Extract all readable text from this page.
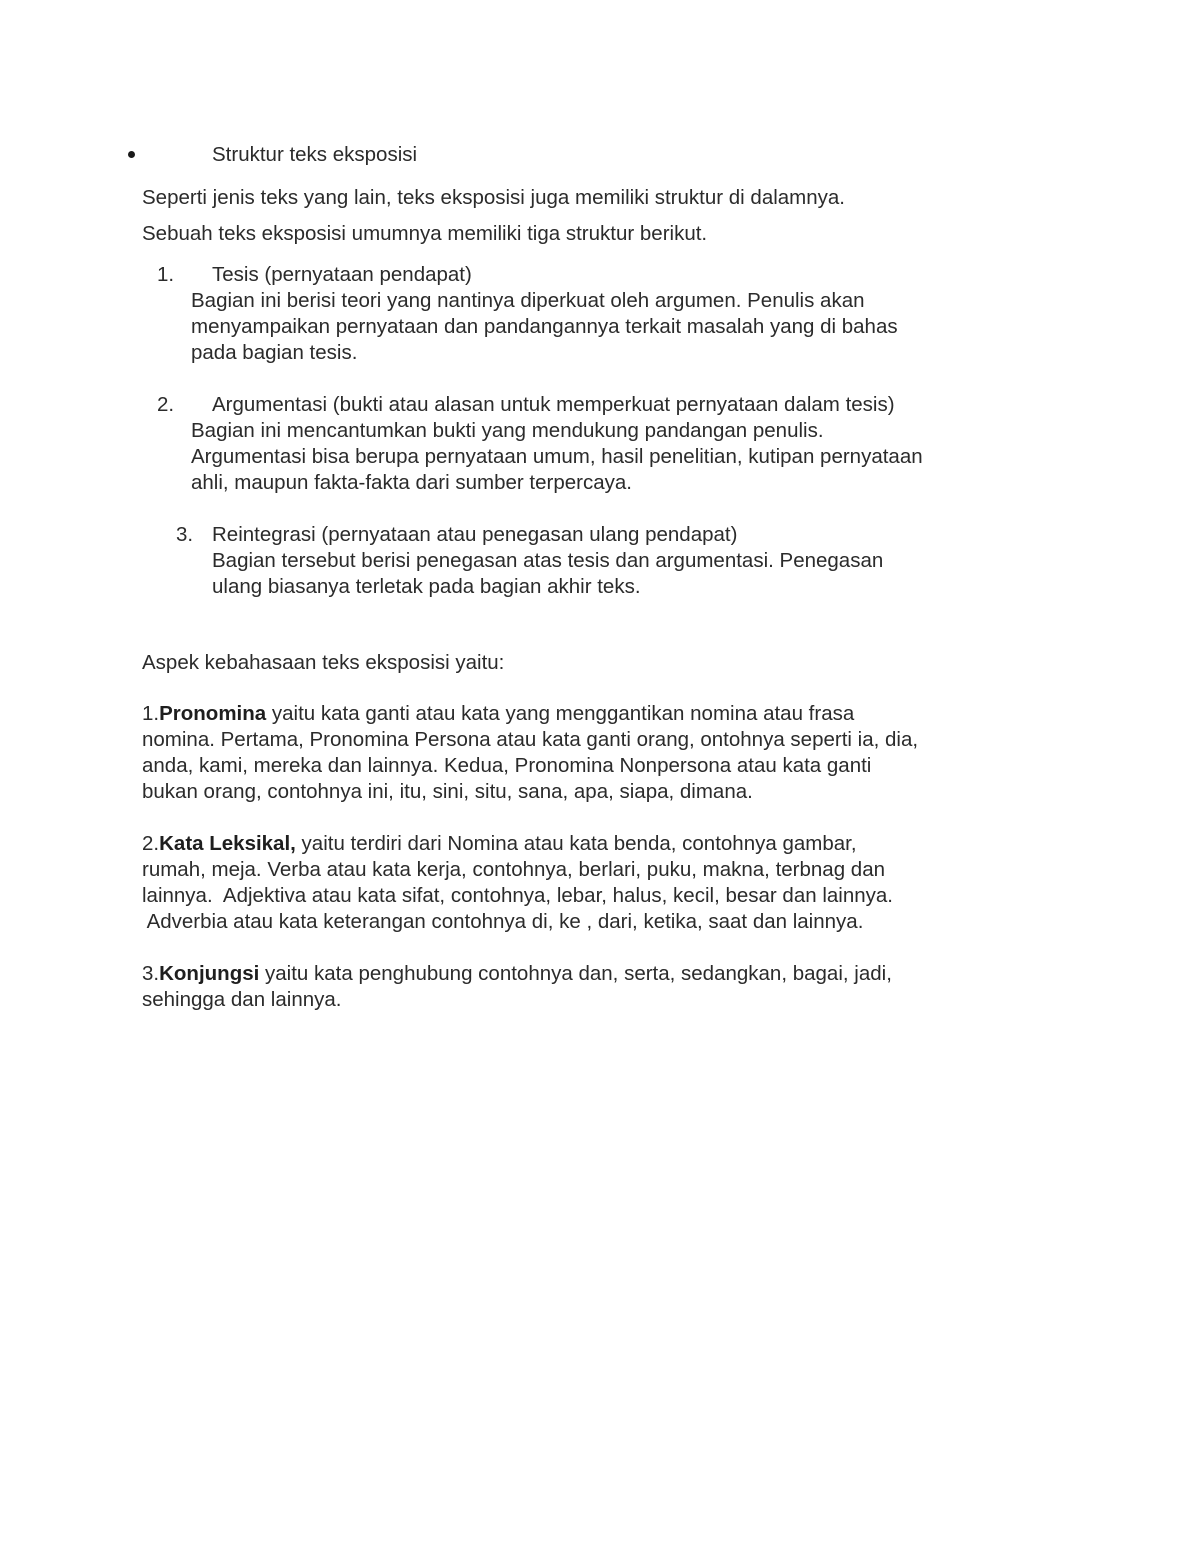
Struktur teks eksposisi
Seperti jenis teks yang lain, teks eksposisi juga memiliki struktur di dalamnya.
Sebuah teks eksposisi umumnya memiliki tiga struktur berikut.
1. Tesis (pernyataan pendapat)
Bagian ini berisi teori yang nantinya diperkuat oleh argumen. Penulis akan
menyampaikan pernyataan dan pandangannya terkait masalah yang di bahas
pada bagian tesis.
2. Argumentasi (bukti atau alasan untuk memperkuat pernyataan dalam tesis)
Bagian ini mencantumkan bukti yang mendukung pandangan penulis.
Argumentasi bisa berupa pernyataan umum, hasil penelitian, kutipan pernyataan
ahli, maupun fakta-fakta dari sumber terpercaya.
3. Reintegrasi (pernyataan atau penegasan ulang pendapat)
Bagian tersebut berisi penegasan atas tesis dan argumentasi. Penegasan
ulang biasanya terletak pada bagian akhir teks.
Aspek kebahasaan teks eksposisi yaitu:
1.Pronomina yaitu kata ganti atau kata yang menggantikan nomina atau frasa
nomina. Pertama, Pronomina Persona atau kata ganti orang, ontohnya seperti ia, dia,
anda, kami, mereka dan lainnya. Kedua, Pronomina Nonpersona atau kata ganti
bukan orang, contohnya ini, itu, sini, situ, sana, apa, siapa, dimana.
2.Kata Leksikal, yaitu terdiri dari Nomina atau kata benda, contohnya gambar,
rumah, meja. Verba atau kata kerja, contohnya, berlari, puku, makna, terbnag dan
lainnya.  Adjektiva atau kata sifat, contohnya, lebar, halus, kecil, besar dan lainnya.
Adverbia atau kata keterangan contohnya di, ke , dari, ketika, saat dan lainnya.
3.Konjungsi yaitu kata penghubung contohnya dan, serta, sedangkan, bagai, jadi,
sehingga dan lainnya.
